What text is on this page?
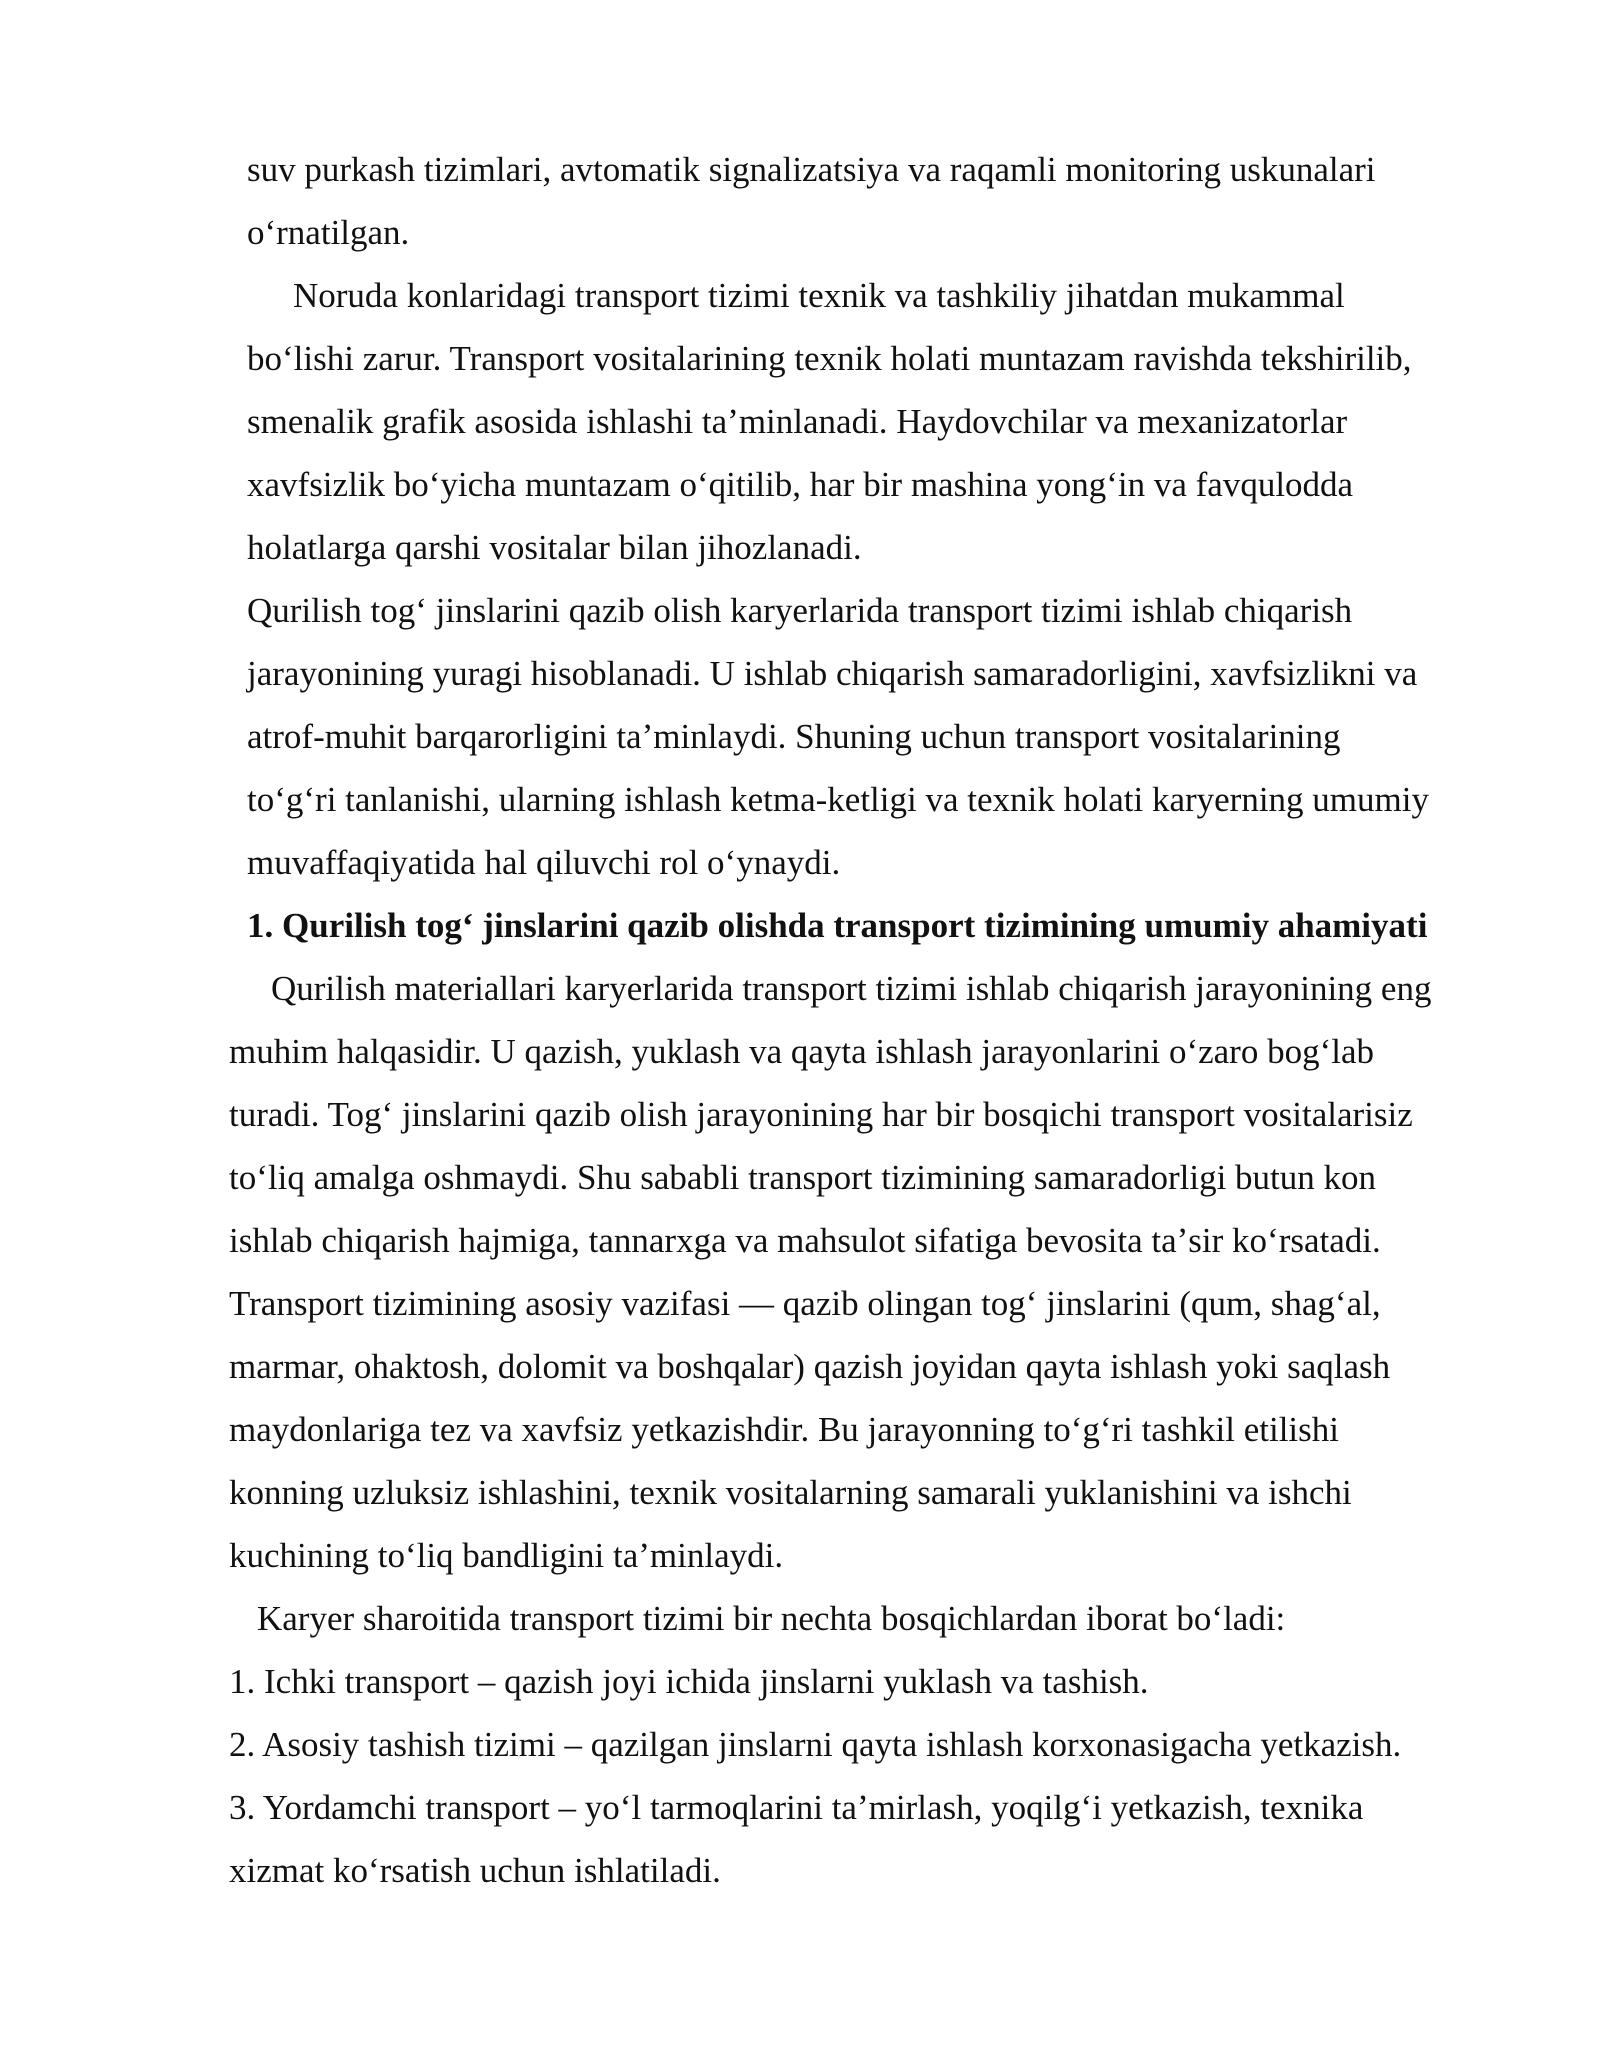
suv purkash tizimlari, avtomatik signalizatsiya va raqamli monitoring uskunalari
oʻrnatilgan.
Noruda konlaridagi transport tizimi texnik va tashkiliy jihatdan mukammal
boʻlishi zarur. Transport vositalarining texnik holati muntazam ravishda tekshirilib,
smenalik grafik asosida ishlashi taʼminlanadi. Haydovchilar va mexanizatorlar
xavfsizlik boʻyicha muntazam oʻqitilib, har bir mashina yongʻin va favqulodda
holatlarga qarshi vositalar bilan jihozlanadi.
Qurilish togʻ jinslarini qazib olish karyerlarida transport tizimi ishlab chiqarish
jarayonining yuragi hisoblanadi. U ishlab chiqarish samaradorligini, xavfsizlikni va
atrof-muhit barqarorligini taʼminlaydi. Shuning uchun transport vositalarining
toʻgʻri tanlanishi, ularning ishlash ketma-ketligi va texnik holati karyerning umumiy
muvaffaqiyatida hal qiluvchi rol oʻynaydi.
1. Qurilish togʻ jinslarini qazib olishda transport tizimining umumiy ahamiyati
Qurilish materiallari karyerlarida transport tizimi ishlab chiqarish jarayonining eng
muhim halqasidir. U qazish, yuklash va qayta ishlash jarayonlarini oʻzaro bogʻlab
turadi. Togʻ jinslarini qazib olish jarayonining har bir bosqichi transport vositalarisiz
toʻliq amalga oshmaydi. Shu sababli transport tizimining samaradorligi butun kon
ishlab chiqarish hajmiga, tannarxga va mahsulot sifatiga bevosita taʼsir koʻrsatadi.
Transport tizimining asosiy vazifasi — qazib olingan togʻ jinslarini (qum, shagʻal,
marmar, ohaktosh, dolomit va boshqalar) qazish joyidan qayta ishlash yoki saqlash
maydonlariga tez va xavfsiz yetkazishdir. Bu jarayonning toʻgʻri tashkil etilishi
konning uzluksiz ishlashini, texnik vositalarning samarali yuklanishini va ishchi
kuchining toʻliq bandligini taʼminlaydi.
Karyer sharoitida transport tizimi bir nechta bosqichlardan iborat boʻladi:
1. Ichki transport – qazish joyi ichida jinslarni yuklash va tashish.
2. Asosiy tashish tizimi – qazilgan jinslarni qayta ishlash korxonasigacha yetkazish.
3. Yordamchi transport – yoʻl tarmoqlarini taʼmirlash, yoqilgʻi yetkazish, texnika
xizmat koʻrsatish uchun ishlatiladi.
